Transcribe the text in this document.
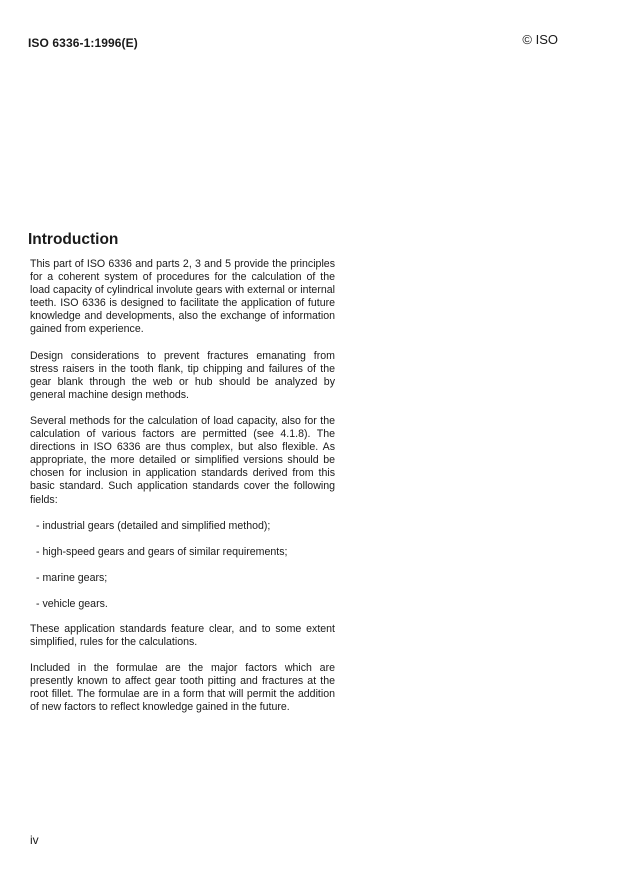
ISO 6336-1:1996(E)	© ISO
Introduction

This part of ISO 6336 and parts 2, 3 and 5 provide the principles for a coherent system of procedures for the calculation of the load capacity of cylindrical involute gears with external or internal teeth. ISO 6336 is designed to facilitate the application of future knowledge and developments, also the exchange of information gained from experience.

Design considerations to prevent fractures emanating from stress raisers in the tooth flank, tip chipping and failures of the gear blank through the web or hub should be analyzed by general machine design methods.

Several methods for the calculation of load capacity, also for the calculation of various factors are permitted (see 4.1.8). The directions in ISO 6336 are thus complex, but also flexible. As appropriate, the more detailed or simplified versions should be chosen for inclusion in application standards derived from this basic standard. Such application standards cover the following fields:

- industrial gears (detailed and simplified method);
- high-speed gears and gears of similar requirements;
- marine gears;
- vehicle gears.

These application standards feature clear, and to some extent simplified, rules for the calculations.

Included in the formulae are the major factors which are presently known to affect gear tooth pitting and fractures at the root fillet. The formulae are in a form that will permit the addition of new factors to reflect knowledge gained in the future.

iv
